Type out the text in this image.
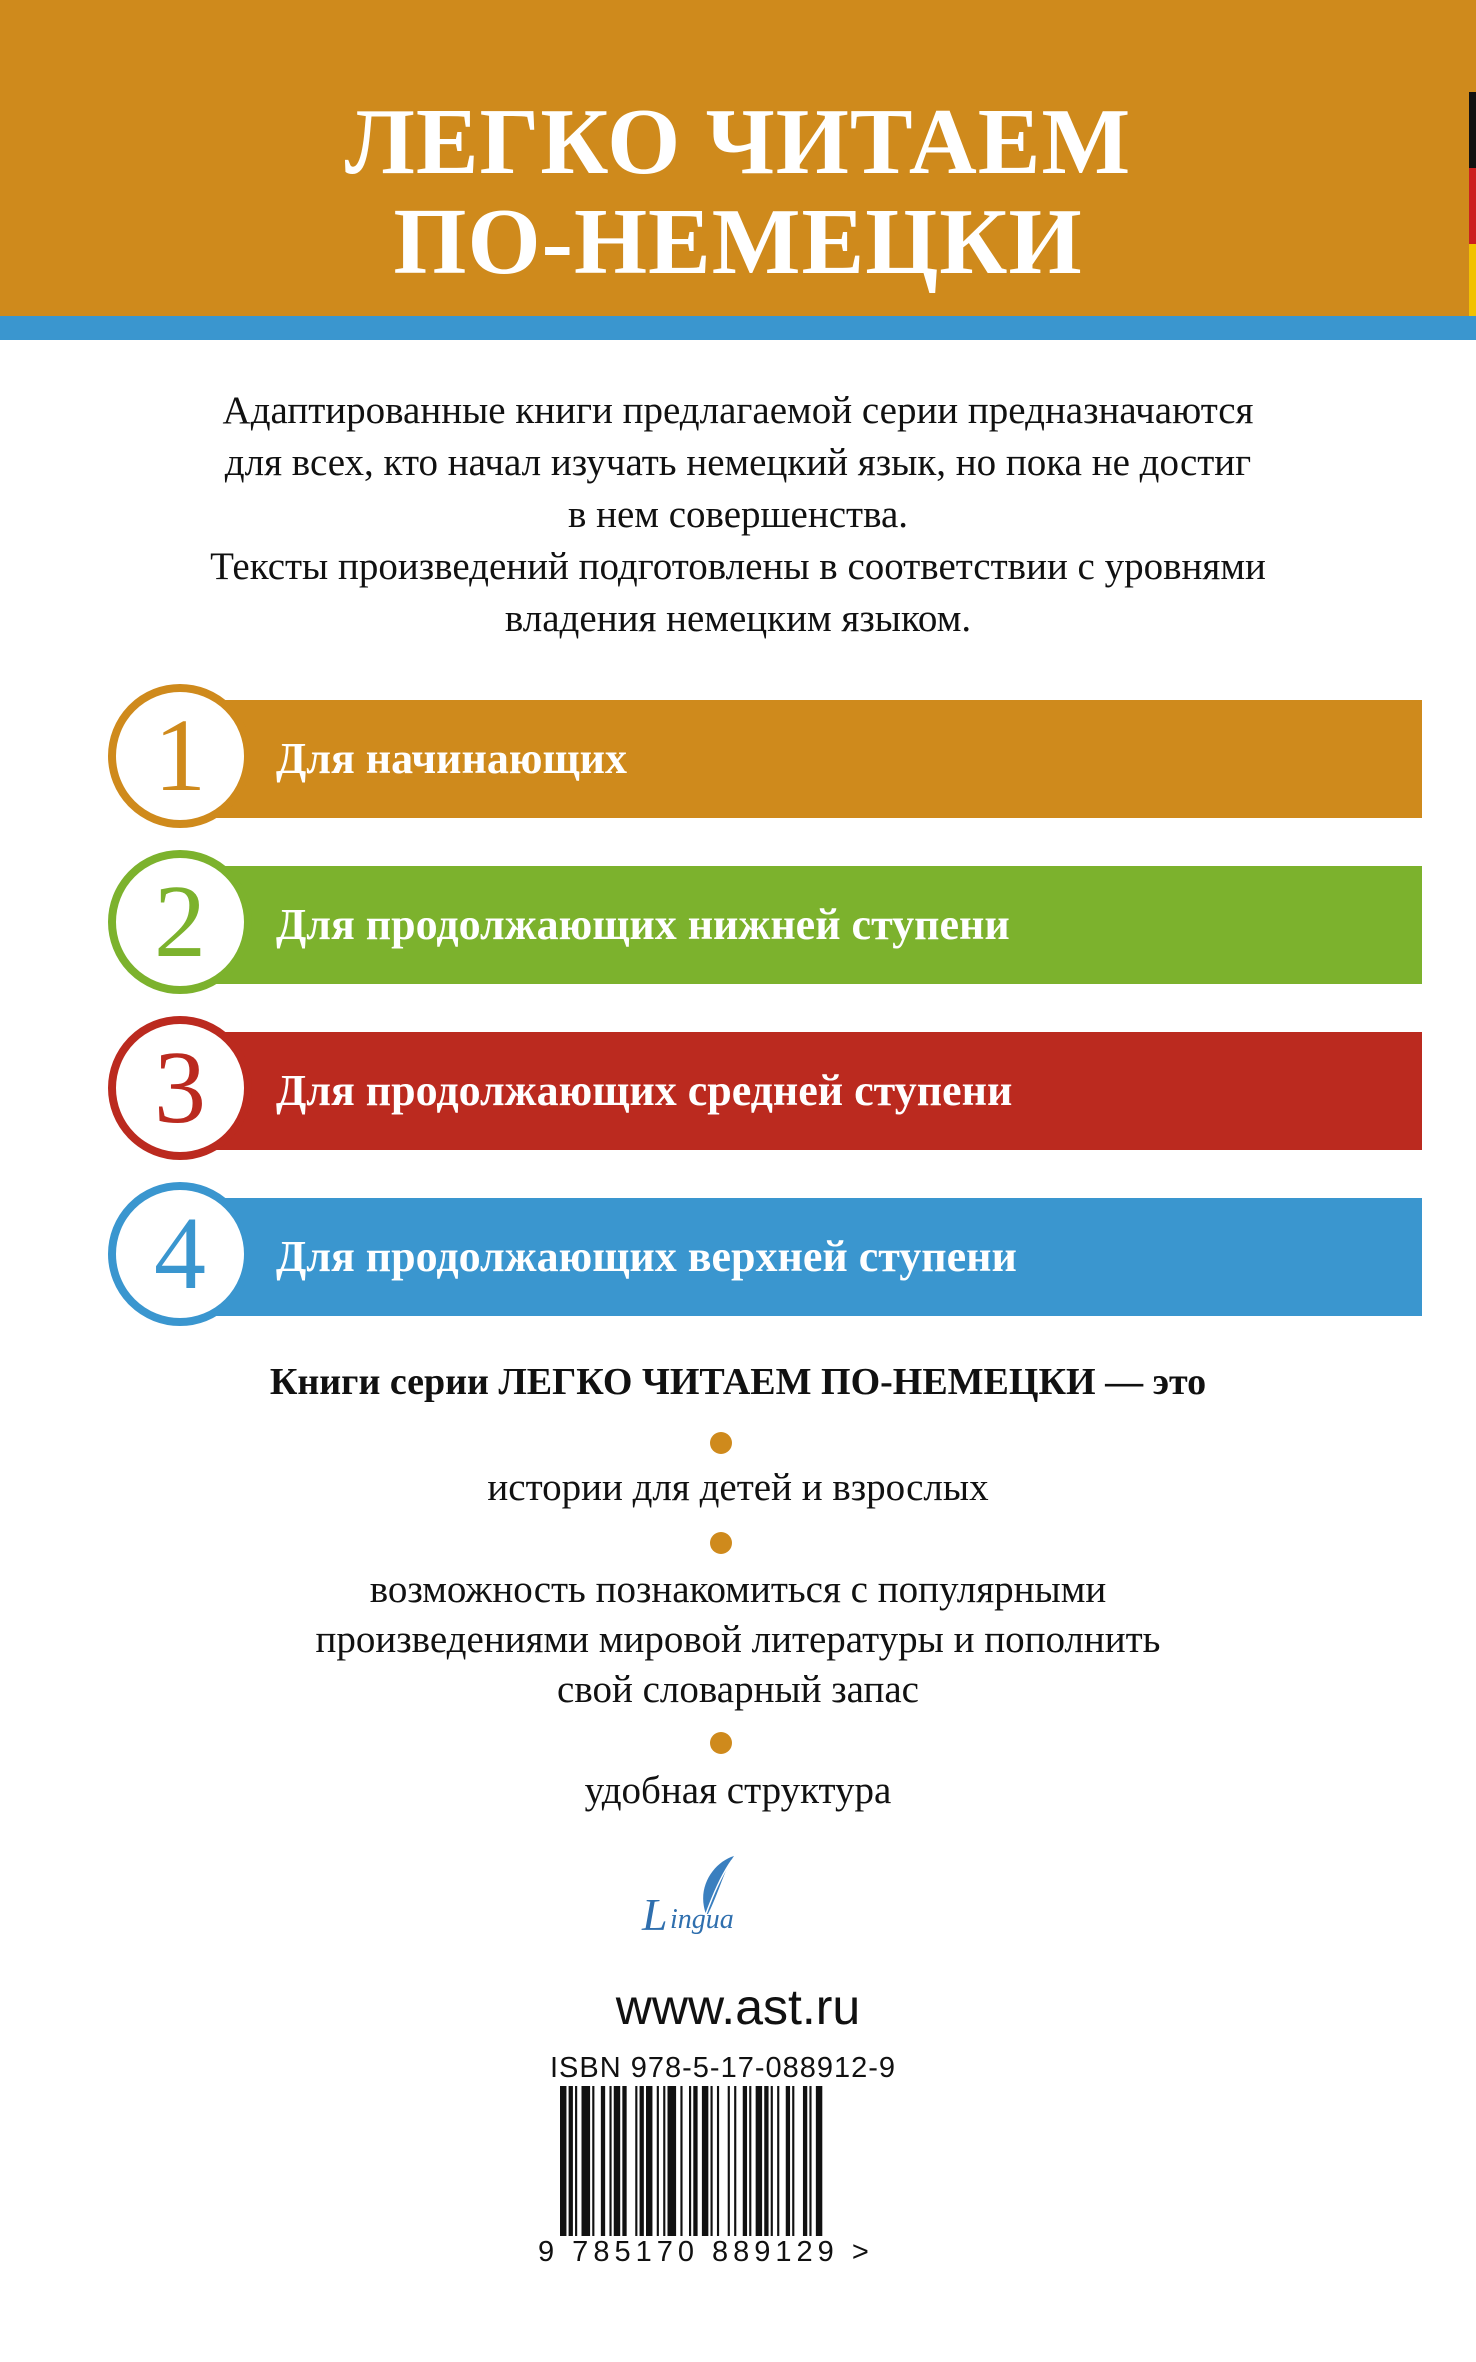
ЛЕГКО ЧИТАЕМ
ПО-НЕМЕЦКИ
Адаптированные книги предлагаемой серии предназначаются
для всех, кто начал изучать немецкий язык, но пока не достиг
в нем совершенства.
Тексты произведений подготовлены в соответствии с уровнями
владения немецким языком.
1	Для начинающих
2	Для продолжающих нижней ступени
3	Для продолжающих средней ступени
4	Для продолжающих верхней ступени
Книги серии ЛЕГКО ЧИТАЕМ ПО-НЕМЕЦКИ — это
истории для детей и взрослых
возможность познакомиться с популярными
произведениями мировой литературы и пополнить
свой словарный запас
удобная структура
L ingua
www.ast.ru
ISBN 978-5-17-088912-9
9 785170 889129 >
